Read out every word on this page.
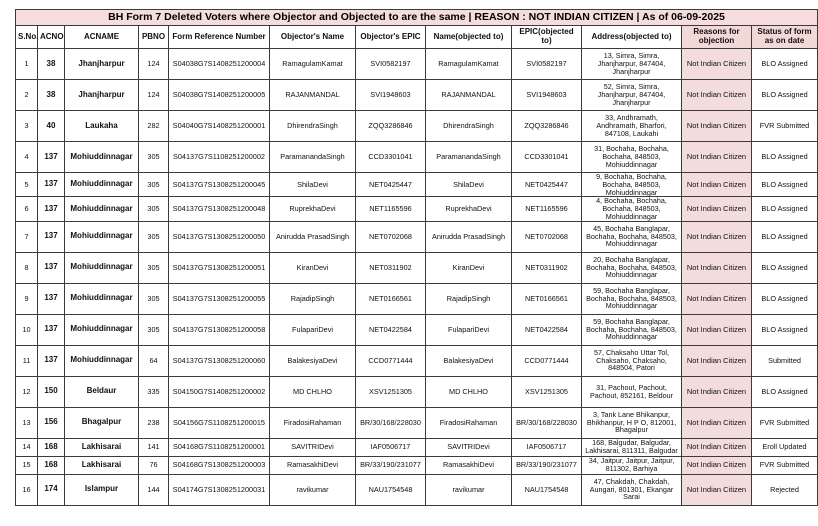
BH Form 7 Deleted Voters where Objector and Objected to are the same | REASON : NOT INDIAN CITIZEN | As of 06-09-2025											
S.No.	ACNO	ACNAME	PBNO	Form Reference Number	Objector's Name	Objector's EPIC	Name(objected to)	EPIC(objected to)	Address(objected to)	Reasons for objection	Status of form as on date
1	38	Jhanjharpur	124	S04038G7S1408251200004	RamagulamKamat	SVI0582197	RamagulamKamat	SVI0582197	13, Simra, Simra, Jhanjharpur, 847404, Jhanjharpur	Not Indian Citizen	BLO Assigned
2	38	Jhanjharpur	124	S04038G7S1408251200005	RAJANMANDAL	SVI1948603	RAJANMANDAL	SVI1948603	52, Simra, Simra, Jhanjharpur, 847404, Jhanjharpur	Not Indian Citizen	BLO Assigned
3	40	Laukaha	282	S04040G7S1408251200001	DhirendraSingh	ZQQ3286846	DhirendraSingh	ZQQ3286846	33, Andhramath, Andhramath, Bharfori, 847108, Laukahi	Not Indian Citizen	FVR Submitted
4	137	Mohiuddinnagar	305	S04137G7S1108251200002	ParamanandaSingh	CCD3301041	ParamanandaSingh	CCD3301041	31, Bochaha, Bochaha, Bochaha, 848503, Mohiuddinnagar	Not Indian Citizen	BLO Assigned
5	137	Mohiuddinnagar	305	S04137G7S1308251200045	ShilaDevi	NET0425447	ShilaDevi	NET0425447	9, Bochaha, Bochaha, Bochaha, 848503, Mohiuddinnagar	Not Indian Citizen	BLO Assigned
6	137	Mohiuddinnagar	305	S04137G7S1308251200048	RuprekhaDevi	NET1165596	RuprekhaDevi	NET1165596	4, Bochaha, Bochaha, Bochaha, 848503, Mohiuddinnagar	Not Indian Citizen	BLO Assigned
7	137	Mohiuddinnagar	305	S04137G7S1308251200050	Anirudda PrasadSingh	NET0702068	Anirudda PrasadSingh	NET0702068	45, Bochaha Banglapar, Bochaha, Bochaha, 848503, Mohiuddinnagar	Not Indian Citizen	BLO Assigned
8	137	Mohiuddinnagar	305	S04137G7S1308251200051	KiranDevi	NET0311902	KiranDevi	NET0311902	20, Bochaha Banglapar, Bochaha, Bochaha, 848503, Mohiuddinnagar	Not Indian Citizen	BLO Assigned
9	137	Mohiuddinnagar	305	S04137G7S1308251200055	RajadipSingh	NET0166561	RajadipSingh	NET0166561	59, Bochaha Banglapar, Bochaha, Bochaha, 848503, Mohiuddinnagar	Not Indian Citizen	BLO Assigned
10	137	Mohiuddinnagar	305	S04137G7S1308251200058	FulapariDevi	NET0422584	FulapariDevi	NET0422584	59, Bochaha Banglapar, Bochaha, Bochaha, 848503, Mohiuddinnagar	Not Indian Citizen	BLO Assigned
11	137	Mohiuddinnagar	64	S04137G7S1308251200060	BalakesiyaDevi	CCD0771444	BalakesiyaDevi	CCD0771444	57, Chaksaho Uttar Tol, Chaksaho, Chaksaho, 848504, Patori	Not Indian Citizen	Submitted
12	150	Beldaur	335	S04150G7S1408251200002	MD CHLHO	XSV1251305	MD CHLHO	XSV1251305	31, Pachout, Pachout, Pachout, 852161, Beldour	Not Indian Citizen	BLO Assigned
13	156	Bhagalpur	238	S04156G7S1108251200015	FiradosiRahaman	BR/30/168/228030	FiradosiRahaman	BR/30/168/228030	3, Tank Lane Bhikanpur, Bhikhanpur, H P O, 812001, Bhagalpur	Not Indian Citizen	FVR Submitted
14	168	Lakhisarai	141	S04168G7S1108251200001	SAVITRIDevi	IAF0506717	SAVITRIDevi	IAF0506717	168, Balgudar, Balgudar, Lakhisarai, 811311, Balgudar	Not Indian Citizen	Eroll Updated
15	168	Lakhisarai	76	S04168G7S1308251200003	RamasakhiDevi	BR/33/190/231077	RamasakhiDevi	BR/33/190/231077	34, Jaitpur, Jaitpur, Jaitpur, 811302, Barhiya	Not Indian Citizen	FVR Submitted
16	174	Islampur	144	S04174G7S1308251200031	ravikumar	NAU1754548	ravikumar	NAU1754548	47, Chakdah, Chakdah, Aungari, 801301, Ekangar Sarai	Not Indian Citizen	Rejected
